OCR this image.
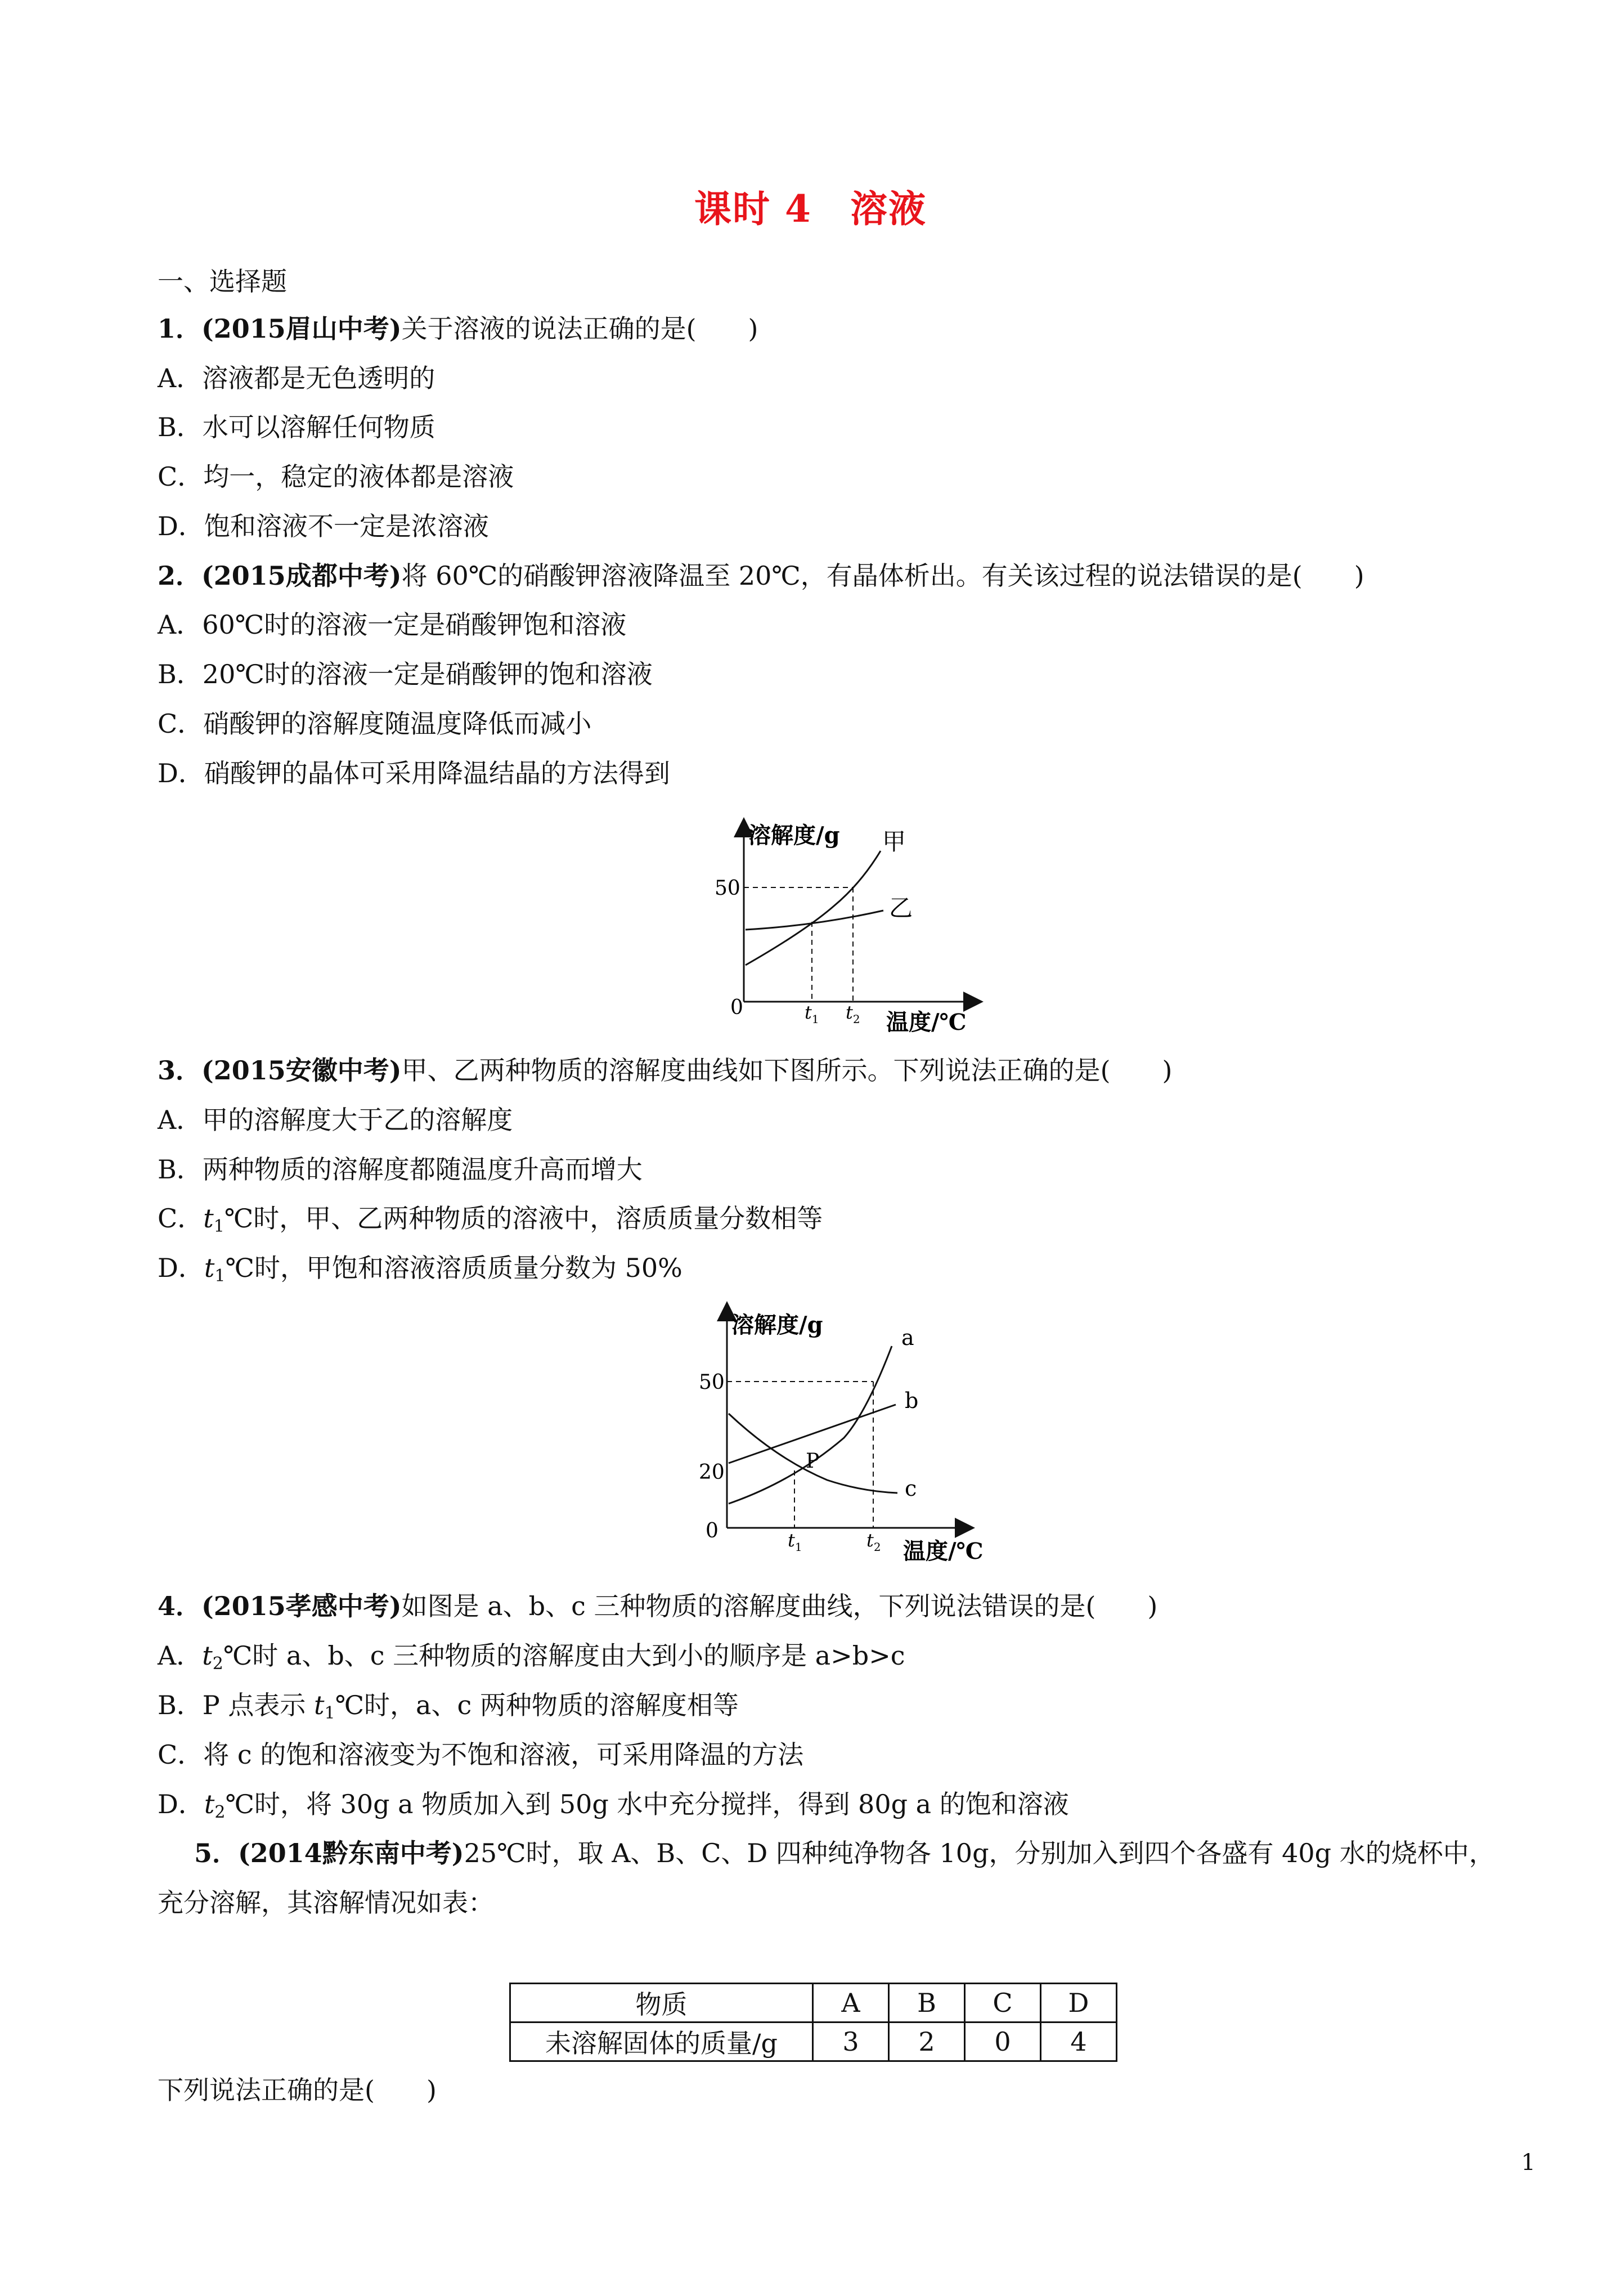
课时 4　溶液
一、选择题
1．(2015眉山中考)关于溶液的说法正确的是(　　)
A．溶液都是无色透明的
B．水可以溶解任何物质
C．均一，稳定的液体都是溶液
D．饱和溶液不一定是浓溶液
2．(2015成都中考)将 60℃的硝酸钾溶液降温至 20℃，有晶体析出。有关该过程的说法错误的是(　　)
A．60℃时的溶液一定是硝酸钾饱和溶液
B．20℃时的溶液一定是硝酸钾的饱和溶液
C．硝酸钾的溶解度随温度降低而减小
D．硝酸钾的晶体可采用降温结晶的方法得到
溶解度/g
50
0	$t_1$ $t_2$ 温度/℃
甲
乙
3．(2015安徽中考)甲、乙两种物质的溶解度曲线如下图所示。下列说法正确的是(　　)
A．甲的溶解度大于乙的溶解度
B．两种物质的溶解度都随温度升高而增大
C．$t_1℃$时，甲、乙两种物质的溶液中，溶质质量分数相等
D．$t_1℃$时，甲饱和溶液溶质质量分数为 50%
溶解度/g
50
20
0
P
$t_1$	$t_2$ 温度/℃
a
b
c
4．(2015孝感中考)如图是 a、b、c 三种物质的溶解度曲线，下列说法错误的是(　　)
A．$t_2℃$时 a、b、c 三种物质的溶解度由大到小的顺序是 a>b>c
B．P 点表示 $t_1℃$时，a、c 两种物质的溶解度相等
C．将 c 的饱和溶液变为不饱和溶液，可采用降温的方法
D．$t_2℃$时，将 30g a 物质加入到 50g 水中充分搅拌，得到 80g a 的饱和溶液
5．(2014黔东南中考)25℃时，取 A、B、C、D 四种纯净物各 10g，分别加入到四个各盛有 40g 水的烧杯中，
充分溶解，其溶解情况如表：
物质	A	B	C	D
未溶解固体的质量/g	3	2	0	4
下列说法正确的是(　　)
1
